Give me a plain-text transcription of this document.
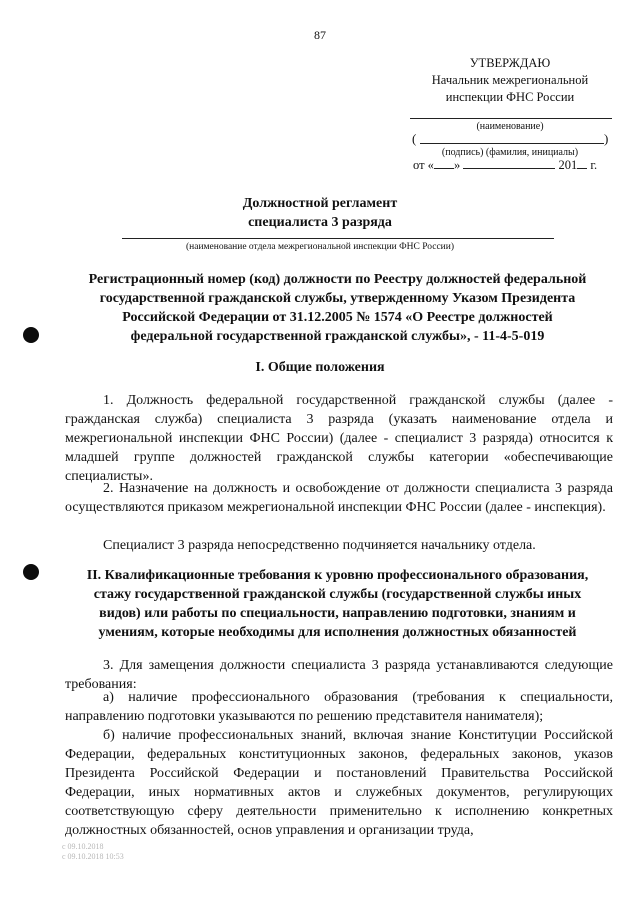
87
УТВЕРЖДАЮ
Начальник межрегиональной
инспекции ФНС России
(наименование)
(	)
(подпись) (фамилия, инициалы)
от « »	201 г.
Должностной регламент
специалиста 3 разряда
(наименование отдела межрегиональной инспекции ФНС России)
Регистрационный номер (код) должности по Реестру должностей федеральной
государственной гражданской службы, утвержденному Указом Президента
Российской Федерации от 31.12.2005 № 1574 «О Реестре должностей
федеральной государственной гражданской службы», - 11-4-5-019
I. Общие положения
1. Должность федеральной государственной гражданской службы (далее - гражданская служба) специалиста 3 разряда (указать наименование отдела и межрегиональной инспекции ФНС России) (далее - специалист 3 разряда) относится к младшей группе должностей гражданской службы категории «обеспечивающие специалисты».
2. Назначение на должность и освобождение от должности специалиста 3 разряда осуществляются приказом межрегиональной инспекции ФНС России (далее - инспекция).
Специалист 3 разряда непосредственно подчиняется начальнику отдела.
II. Квалификационные требования к уровню профессионального образования,
стажу государственной гражданской службы (государственной службы иных
видов) или работы по специальности, направлению подготовки, знаниям и
умениям, которые необходимы для исполнения должностных обязанностей
3. Для замещения должности специалиста 3 разряда устанавливаются следующие требования:
а) наличие профессионального образования (требования к специальности, направлению подготовки указываются по решению представителя нанимателя);
б) наличие профессиональных знаний, включая знание Конституции Российской Федерации, федеральных конституционных законов, федеральных законов, указов Президента Российской Федерации и постановлений Правительства Российской Федерации, иных нормативных актов и служебных документов, регулирующих соответствующую сферу деятельности применительно к исполнению конкретных должностных обязанностей, основ управления и организации труда,
с 09.10.2018
с 09.10.2018 10:53
